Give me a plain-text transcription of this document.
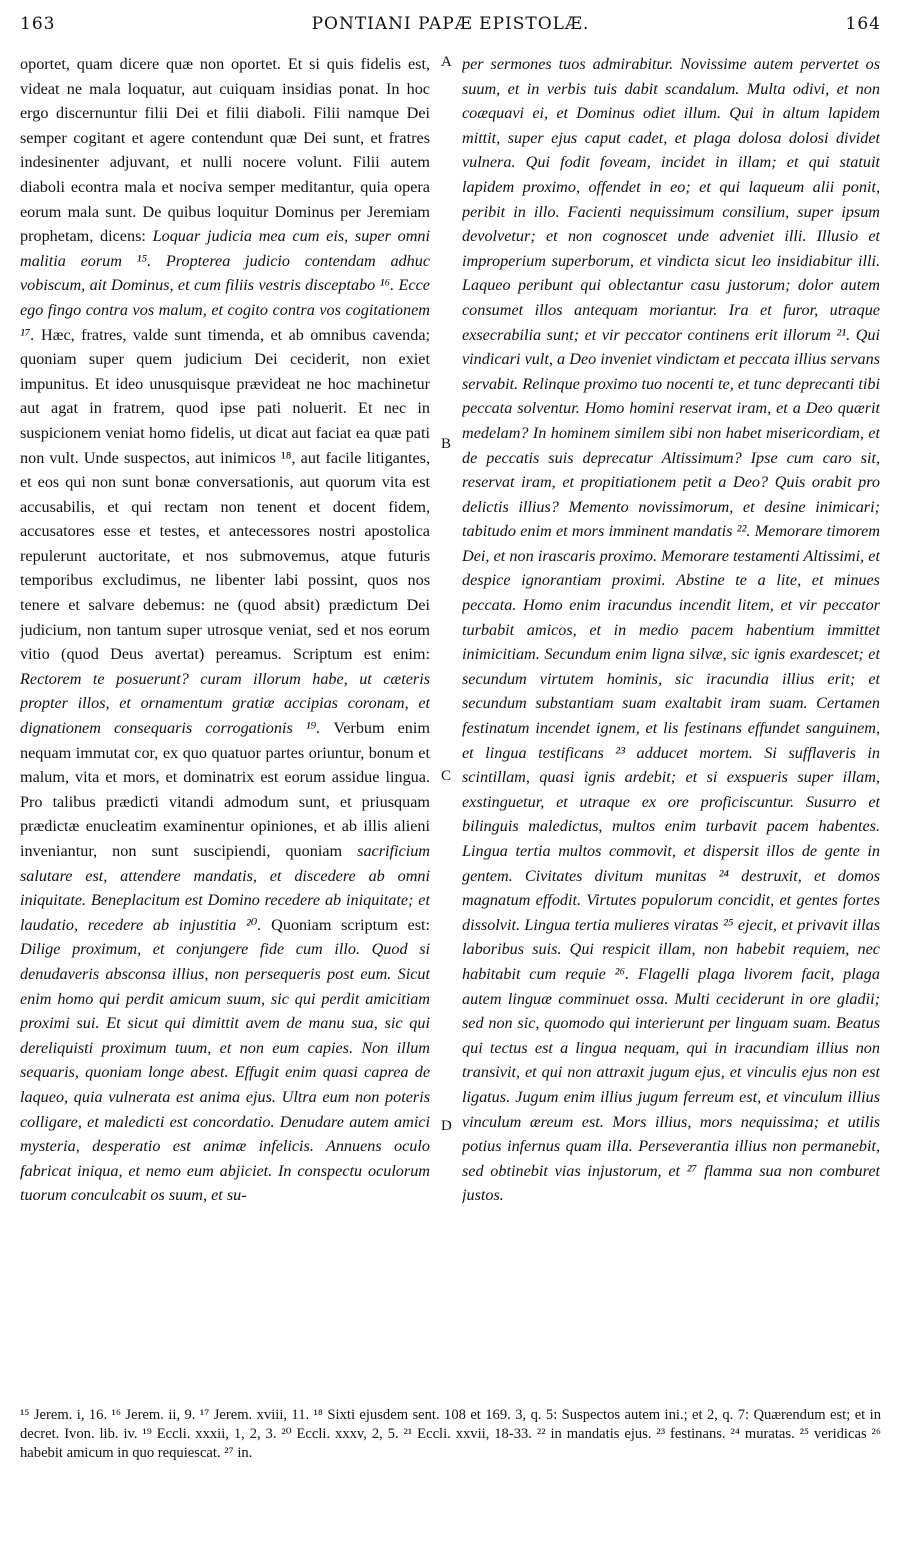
163	PONTIANI PAPÆ EPISTOLÆ.	164
A
B
C
D

oportet, quam dicere quæ non oportet. Et si quis fidelis est, videat ne mala loquatur, aut cuiquam insidias ponat. In hoc ergo discernuntur filii Dei et filii diaboli. Filii namque Dei semper cogitant et agere contendunt quæ Dei sunt, et fratres indesinenter adjuvant, et nulli nocere volunt. Filii autem diaboli econtra mala et nociva semper meditantur, quia opera eorum mala sunt. De quibus loquitur Dominus per Jeremiam prophetam, dicens: Loquar judicia mea cum eis, super omni malitia eorum ¹⁵. Propterea judicio contendam adhuc vobiscum, ait Dominus, et cum filiis vestris disceptabo ¹⁶. Ecce ego fingo contra vos malum, et cogito contra vos cogitationem ¹⁷. Hæc, fratres, valde sunt timenda, et ab omnibus cavenda; quoniam super quem judicium Dei ceciderit, non exiet impunitus. Et ideo unusquisque prævideat ne hoc machinetur aut agat in fratrem, quod ipse pati noluerit. Et nec in suspicionem veniat homo fidelis, ut dicat aut faciat ea quæ pati non vult. Unde suspectos, aut inimicos ¹⁸, aut facile litigantes, et eos qui non sunt bonæ conversationis, aut quorum vita est accusabilis, et qui rectam non tenent et docent fidem, accusatores esse et testes, et antecessores nostri apostolica repulerunt auctoritate, et nos submovemus, atque futuris temporibus excludimus, ne libenter labi possint, quos nos tenere et salvare debemus: ne (quod absit) prædictum Dei judicium, non tantum super utrosque veniat, sed et nos eorum vitio (quod Deus avertat) pereamus. Scriptum est enim: Rectorem te posuerunt? curam illorum habe, ut cæteris propter illos, et ornamentum gratiæ accipias coronam, et dignationem consequaris corrogationis ¹⁹. Verbum enim nequam immutat cor, ex quo quatuor partes oriuntur, bonum et malum, vita et mors, et dominatrix est eorum assidue lingua. Pro talibus prædicti vitandi admodum sunt, et priusquam prædictæ enucleatim examinentur opiniones, et ab illis alieni inveniantur, non sunt suscipiendi, quoniam sacrificium salutare est, attendere mandatis, et discedere ab omni iniquitate. Beneplacitum est Domino recedere ab iniquitate; et laudatio, recedere ab injustitia ²⁰. Quoniam scriptum est: Dilige proximum, et conjungere fide cum illo. Quod si denudaveris absconsa illius, non persequeris post eum. Sicut enim homo qui perdit amicum suum, sic qui perdit amicitiam proximi sui. Et sicut qui dimittit avem de manu sua, sic qui dereliquisti proximum tuum, et non eum capies. Non illum sequaris, quoniam longe abest. Effugit enim quasi caprea de laqueo, quia vulnerata est anima ejus. Ultra eum non poteris colligare, et maledicti est concordatio. Denudare autem amici mysteria, desperatio est animæ infelicis. Annuens oculo fabricat iniqua, et nemo eum abjiciet. In conspectu oculorum tuorum conculcabit os suum, et su-

per sermones tuos admirabitur. Novissime autem pervertet os suum, et in verbis tuis dabit scandalum. Multa odivi, et non coæquavi ei, et Dominus odiet illum. Qui in altum lapidem mittit, super ejus caput cadet, et plaga dolosa dolosi dividet vulnera. Qui fodit foveam, incidet in illam; et qui statuit lapidem proximo, offendet in eo; et qui laqueum alii ponit, peribit in illo. Facienti nequissimum consilium, super ipsum devolvetur; et non cognoscet unde adveniet illi. Illusio et improperium superborum, et vindicta sicut leo insidiabitur illi. Laqueo peribunt qui oblectantur casu justorum; dolor autem consumet illos antequam moriantur. Ira et furor, utraque exsecrabilia sunt; et vir peccator continens erit illorum ²¹. Qui vindicari vult, a Deo inveniet vindictam et peccata illius servans servabit. Relinque proximo tuo nocenti te, et tunc deprecanti tibi peccata solventur. Homo homini reservat iram, et a Deo quærit medelam? In hominem similem sibi non habet misericordiam, et de peccatis suis deprecatur Altissimum? Ipse cum caro sit, reservat iram, et propitiationem petit a Deo? Quis orabit pro delictis illius? Memento novissimorum, et desine inimicari; tabitudo enim et mors imminent mandatis ²². Memorare timorem Dei, et non irascaris proximo. Memorare testamenti Altissimi, et despice ignorantiam proximi. Abstine te a lite, et minues peccata. Homo enim iracundus incendit litem, et vir peccator turbabit amicos, et in medio pacem habentium immittet inimicitiam. Secundum enim ligna silvæ, sic ignis exardescet; et secundum virtutem hominis, sic iracundia illius erit; et secundum substantiam suam exaltabit iram suam. Certamen festinatum incendet ignem, et lis festinans effundet sanguinem, et lingua testificans ²³ adducet mortem. Si sufflaveris in scintillam, quasi ignis ardebit; et si exspueris super illam, exstinguetur, et utraque ex ore proficiscuntur. Susurro et bilinguis maledictus, multos enim turbavit pacem habentes. Lingua tertia multos commovit, et dispersit illos de gente in gentem. Civitates divitum munitas ²⁴ destruxit, et domos magnatum effodit. Virtutes populorum concidit, et gentes fortes dissolvit. Lingua tertia mulieres viratas ²⁵ ejecit, et privavit illas laboribus suis. Qui respicit illam, non habebit requiem, nec habitabit cum requie ²⁶. Flagelli plaga livorem facit, plaga autem linguæ comminuet ossa. Multi ceciderunt in ore gladii; sed non sic, quomodo qui interierunt per linguam suam. Beatus qui tectus est a lingua nequam, qui in iracundiam illius non transivit, et qui non attraxit jugum ejus, et vinculis ejus non est ligatus. Jugum enim illius jugum ferreum est, et vinculum illius vinculum æreum est. Mors illius, mors nequissima; et utilis potius infernus quam illa. Perseverantia illius non permanebit, sed obtinebit vias injustorum, et ²⁷ flamma sua non comburet justos.

¹⁵ Jerem. i, 16. ¹⁶ Jerem. ii, 9. ¹⁷ Jerem. xviii, 11. ¹⁸ Sixti ejusdem sent. 108 et 169. 3, q. 5: Suspectos autem ini.; et 2, q. 7: Quærendum est; et in decret. Ivon. lib. iv. ¹⁹ Eccli. xxxii, 1, 2, 3. ²⁰ Eccli. xxxv, 2, 5. ²¹ Eccli. xxvii, 18-33. ²² in mandatis ejus. ²³ festinans. ²⁴ muratas. ²⁵ veridicas ²⁶ habebit amicum in quo requiescat. ²⁷ in.
